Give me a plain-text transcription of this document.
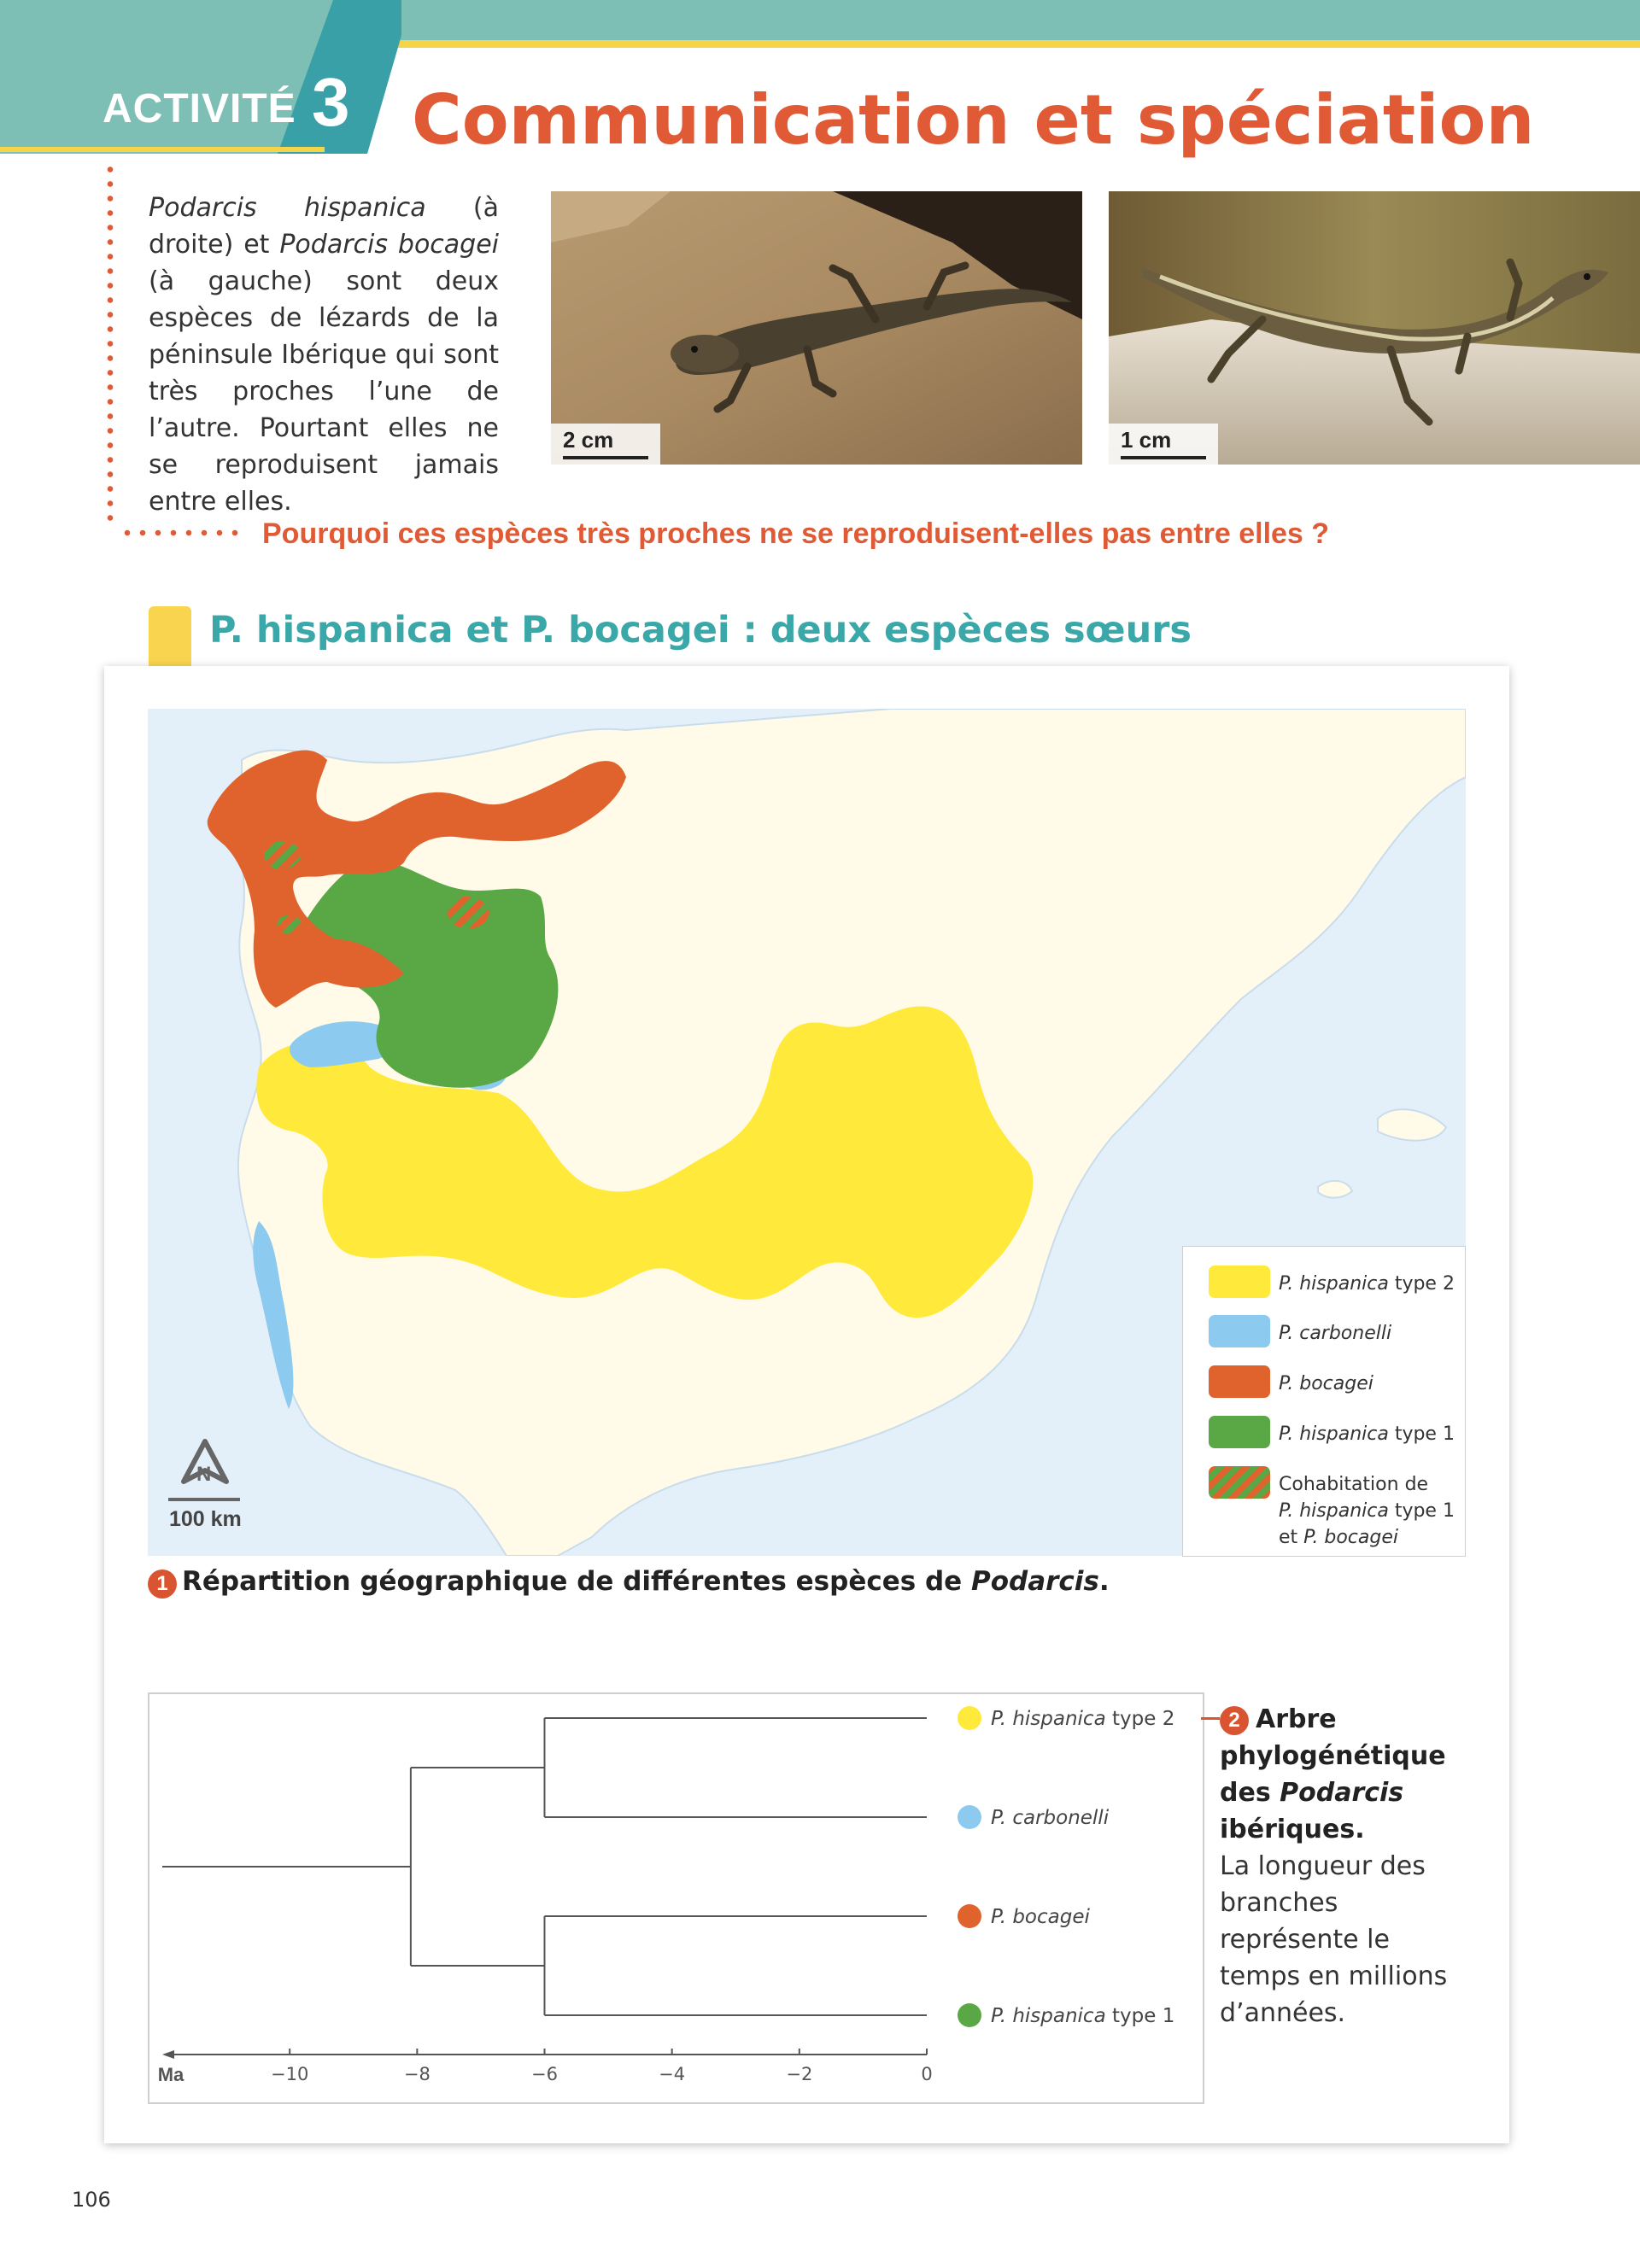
ACTIVITÉ 3 Communication et spéciation
Podarcis hispanica (à droite) et Podarcis bocagei (à gauche) sont deux espèces de lézards de la péninsule Ibérique qui sont très proches l’une de l’autre. Pourtant elles ne se reproduisent jamais entre elles.
2 cm	1 cm
Pourquoi ces espèces très proches ne se reproduisent-elles pas entre elles ?
P. hispanica et P. bocagei : deux espèces sœurs
N
100 km
P. hispanica type 2
P. carbonelli
P. bocagei
P. hispanica type 1
Cohabitation de
P. hispanica type 1
et P. bocagei
1 Répartition géographique de différentes espèces de Podarcis.
P. hispanica type 2
P. carbonelli
P. bocagei
P. hispanica type 1
−10	−8	−6	−4	−2	0
Ma
2 Arbre phylogénétique des Podarcis ibériques.
La longueur des branches représente le temps en millions d’années.
106
